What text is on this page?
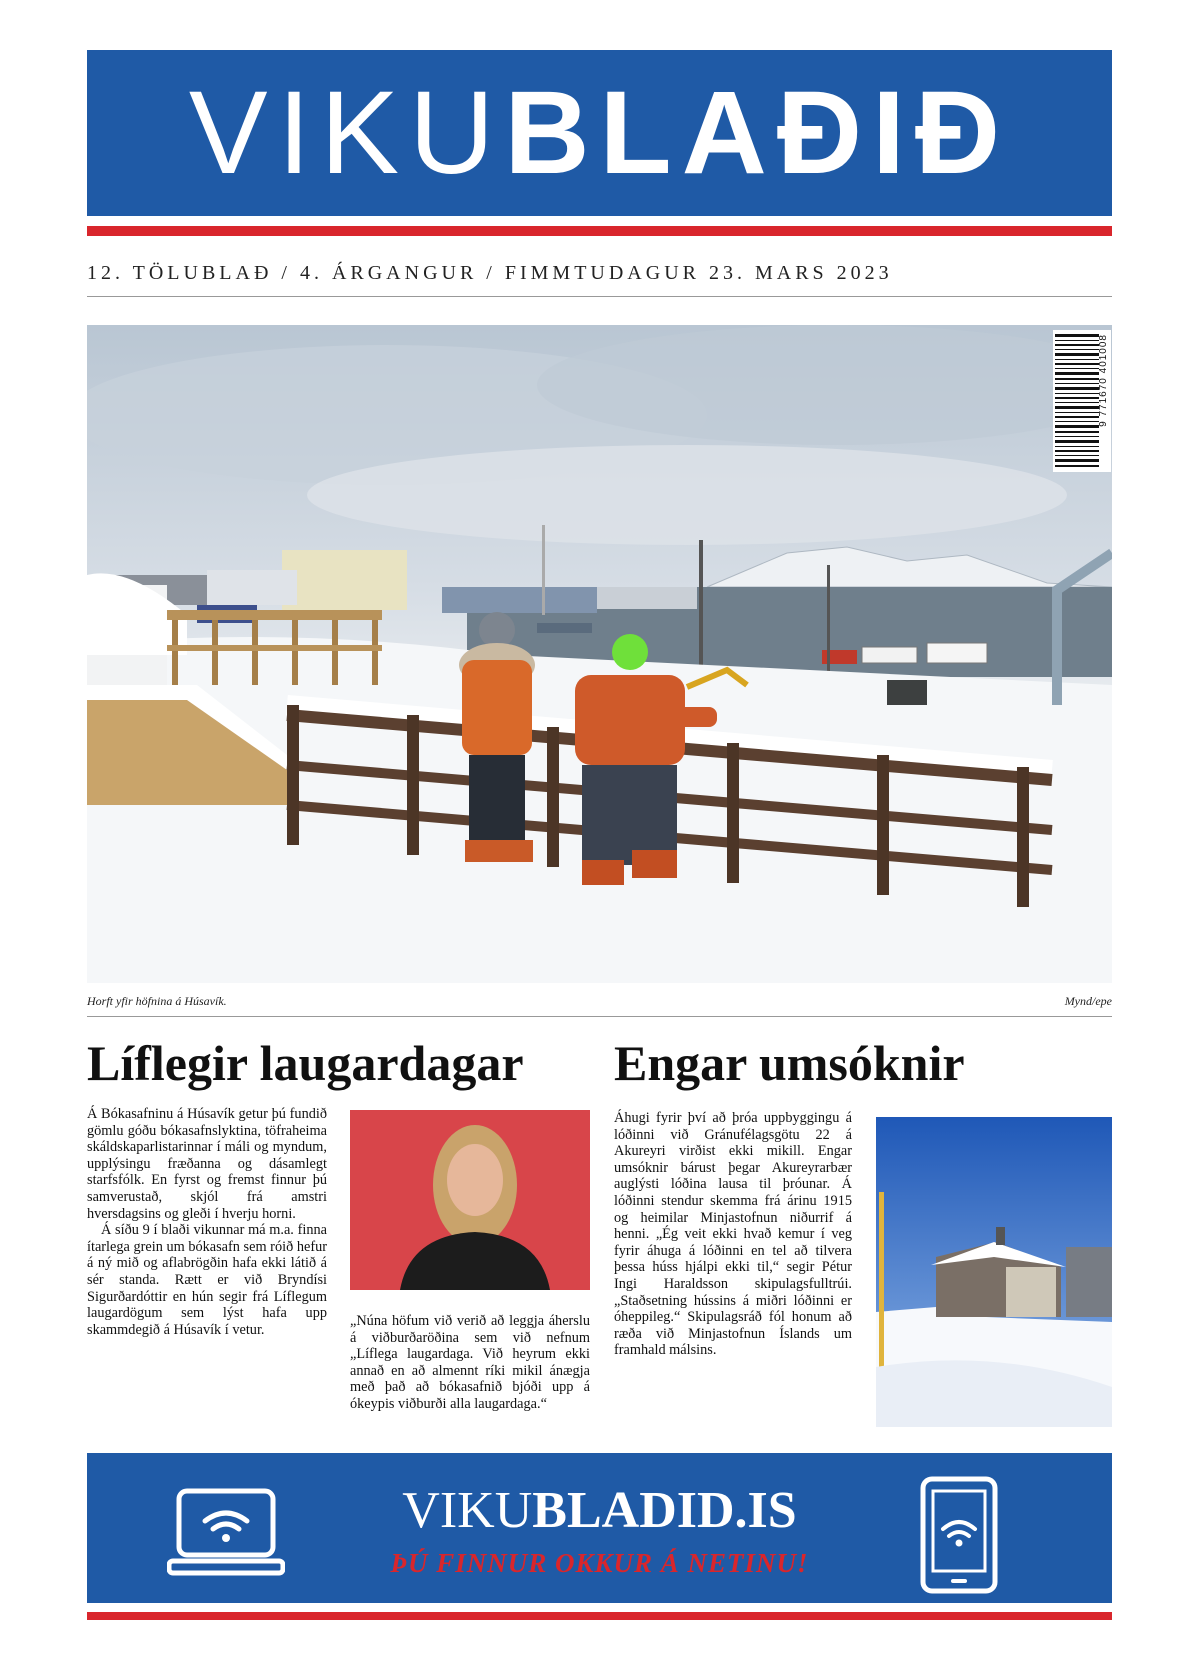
VIKUBLAÐIÐ
12. TÖLUBLAÐ / 4. ÁRGANGUR / FIMMTUDAGUR 23. MARS 2023
9 771670 401008
Horft yfir höfnina á Húsavík.	Mynd/epe
Líflegir laugardagar

Á Bókasafninu á Húsavík getur þú fundið gömlu góðu bókasafnslyktina, töfraheima skáldskaparlistarinnar í máli og myndum, upplýsingu fræðanna og dásamlegt starfsfólk. En fyrst og fremst finnur þú samverustað, skjól frá amstri hversdagsins og gleði í hverju horni.

Á síðu 9 í blaði vikunnar má m.a. finna ítarlega grein um bókasafn sem róið hefur á ný mið og aflabrögðin hafa ekki látið á sér standa. Rætt er við Bryndísi Sigurðardóttir en hún segir frá Líflegum laugardögum sem lýst hafa upp skammdegið á Húsavík í vetur.

„Núna höfum við verið að leggja áherslu á viðburðaröðina sem við nefnum „Líflega laugardaga. Við heyrum ekki annað en að almennt ríki mikil ánægja með það að bókasafnið bjóði upp á ókeypis viðburði alla laugardaga.“
Engar umsóknir

Áhugi fyrir því að þróa uppbyggingu á lóðinni við Gránufélagsgötu 22 á Akureyri virðist ekki mikill. Engar umsóknir bárust þegar Akureyrarbær auglýsti lóðina lausa til þróunar. Á lóðinni stendur skemma frá árinu 1915 og heimilar Minjastofnun niðurrif á henni. „Ég veit ekki hvað kemur í veg fyrir áhuga á lóðinni en tel að tilvera þessa húss hjálpi ekki til,“ segir Pétur Ingi Haraldsson skipulagsfulltrúi. „Staðsetning hússins á miðri lóðinni er óheppileg.“ Skipulagsráð fól honum að ræða við Minjastofnun Íslands um framhald málsins.

VIKUBLADID.IS
ÞÚ FINNUR OKKUR Á NETINU!
